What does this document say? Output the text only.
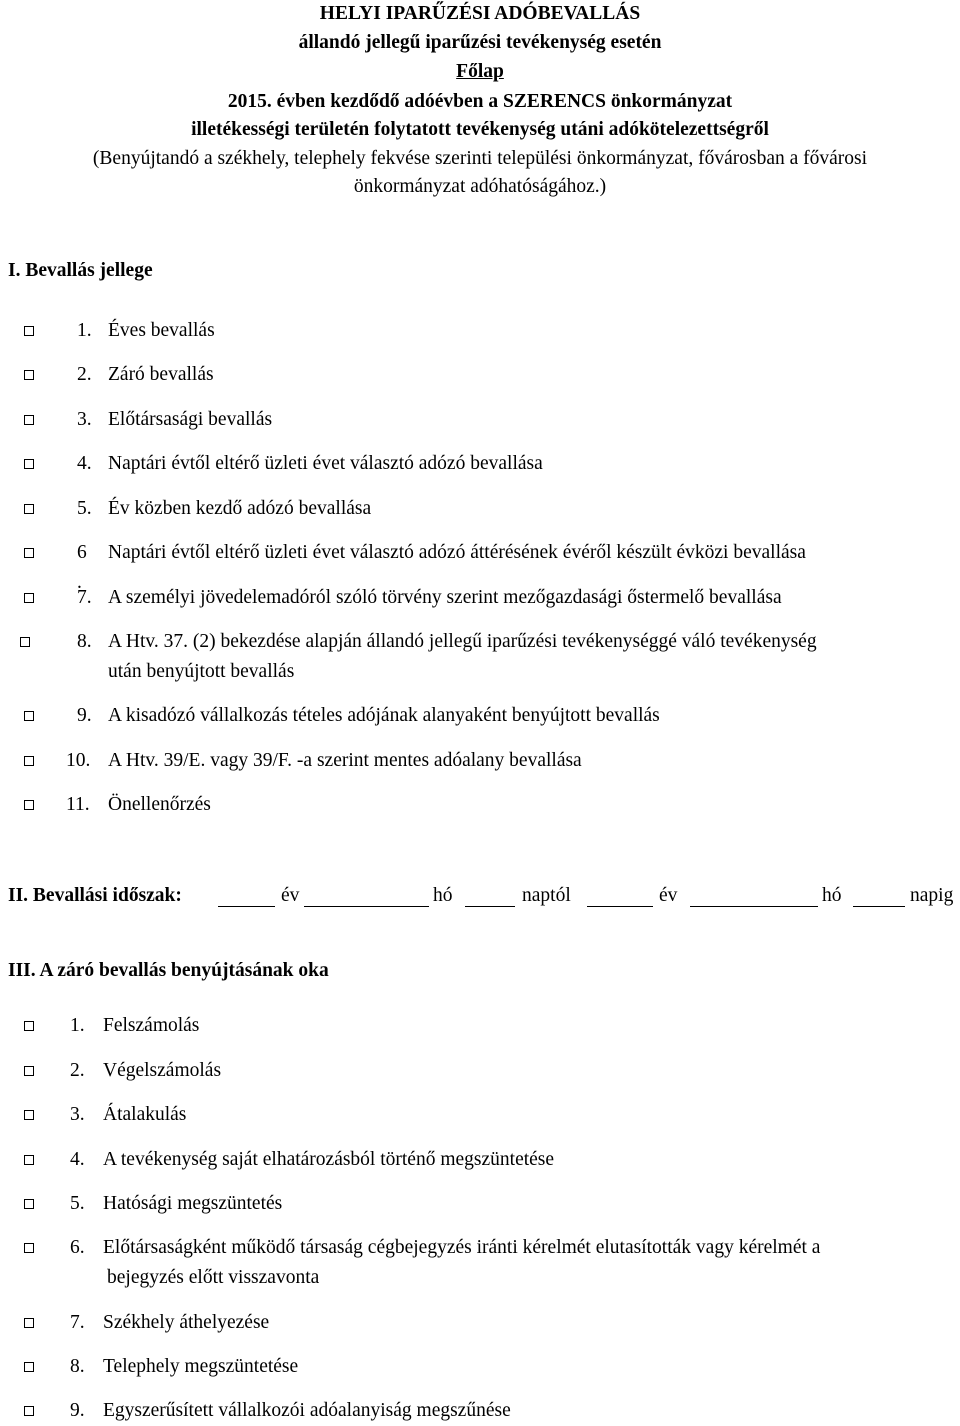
HELYI IPARŰZÉSI ADÓBEVALLÁS
állandó jellegű iparűzési tevékenység esetén
Főlap
2015. évben kezdődő adóévben a SZERENCS önkormányzat
illetékességi területén folytatott tevékenység utáni adókötelezettségről
(Benyújtandó a székhely, telephely fekvése szerinti települési önkormányzat, fővárosban a fővárosi
önkormányzat adóhatóságához.)
I. Bevallás jellege
1. Éves bevallás
2. Záró bevallás
3. Előtársasági bevallás
4. Naptári évtől eltérő üzleti évet választó adózó bevallása
5. Év közben kezdő adózó bevallása
6 .
Naptári évtől eltérő üzleti évet választó adózó áttérésének évéről készült évközi bevallása
7. A személyi jövedelemadóról szóló törvény szerint mezőgazdasági őstermelő bevallása
8. A Htv. 37. (2) bekezdése alapján állandó jellegű iparűzési tevékenységgé váló tevékenység
után benyújtott bevallás
9. A kisadózó vállalkozás tételes adójának alanyaként benyújtott bevallás
10. A Htv. 39/E. vagy 39/F. -a szerint mentes adóalany bevallása
11. Önellenőrzés
II. Bevallási időszak:	év	hó	naptól	év	hó	napig
III. A záró bevallás benyújtásának oka
1. Felszámolás
2. Végelszámolás
3. Átalakulás
4. A tevékenység saját elhatározásból történő megszüntetése
5. Hatósági megszüntetés
6. Előtársaságként működő társaság cégbejegyzés iránti kérelmét elutasították vagy kérelmét a
bejegyzés előtt visszavonta
7. Székhely áthelyezése
8. Telephely megszüntetése
9. Egyszerűsített vállalkozói adóalanyiság megszűnése
